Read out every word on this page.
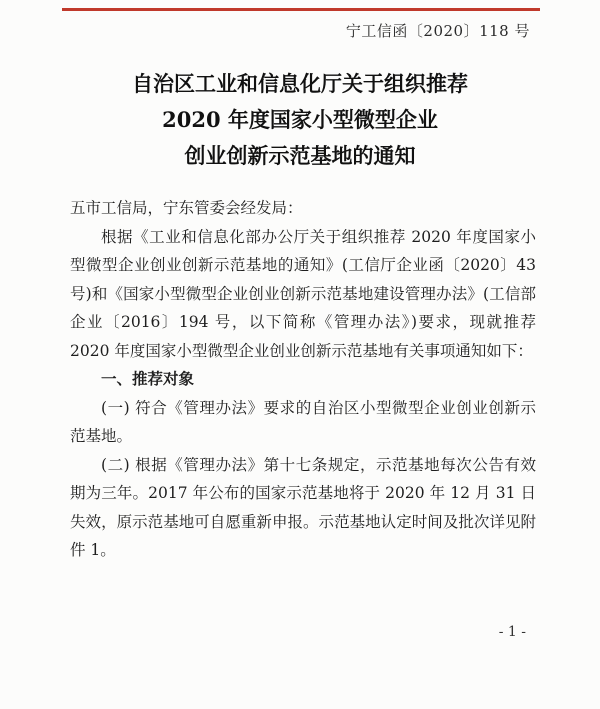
宁工信函〔2020〕118 号
自治区工业和信息化厅关于组织推荐
2020 年度国家小型微型企业
创业创新示范基地的通知

五市工信局，宁东管委会经发局：

根据《工业和信息化部办公厅关于组织推荐 2020 年度国家小型微型企业创业创新示范基地的通知》(工信厅企业函〔2020〕43 号)和《国家小型微型企业创业创新示范基地建设管理办法》(工信部企业〔2016〕194 号，以下简称《管理办法》)要求，现就推荐 2020 年度国家小型微型企业创业创新示范基地有关事项通知如下：

一、推荐对象

(一) 符合《管理办法》要求的自治区小型微型企业创业创新示范基地。

(二) 根据《管理办法》第十七条规定，示范基地每次公告有效期为三年。2017 年公布的国家示范基地将于 2020 年 12 月 31 日失效，原示范基地可自愿重新申报。示范基地认定时间及批次详见附件 1。

- 1 -
